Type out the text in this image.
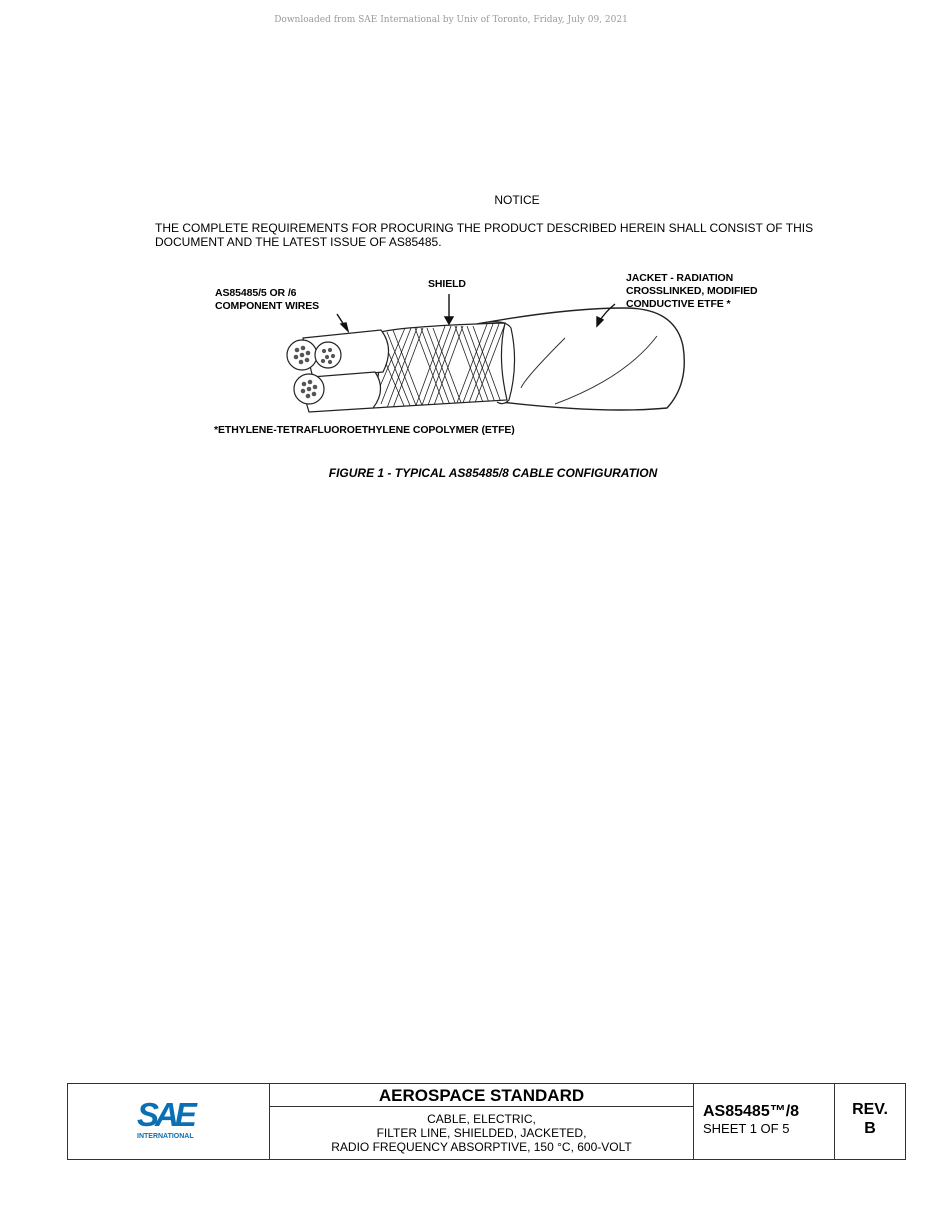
Downloaded from SAE International by Univ of Toronto, Friday, July 09, 2021
NOTICE
THE COMPLETE REQUIREMENTS FOR PROCURING THE PRODUCT DESCRIBED HEREIN SHALL CONSIST OF THIS
DOCUMENT AND THE LATEST ISSUE OF AS85485.
AS85485/5 OR /6
COMPONENT WIRES
SHIELD	JACKET - RADIATION
CROSSLINKED, MODIFIED
CONDUCTIVE ETFE *
*ETHYLENE-TETRAFLUOROETHYLENE COPOLYMER (ETFE)
FIGURE 1 - TYPICAL AS85485/8 CABLE CONFIGURATION
SAE
INTERNATIONAL
AEROSPACE STANDARD
CABLE, ELECTRIC,
FILTER LINE, SHIELDED, JACKETED,
RADIO FREQUENCY ABSORPTIVE, 150 °C, 600-VOLT
AS85485™/8
SHEET 1 OF 5
REV.
B
